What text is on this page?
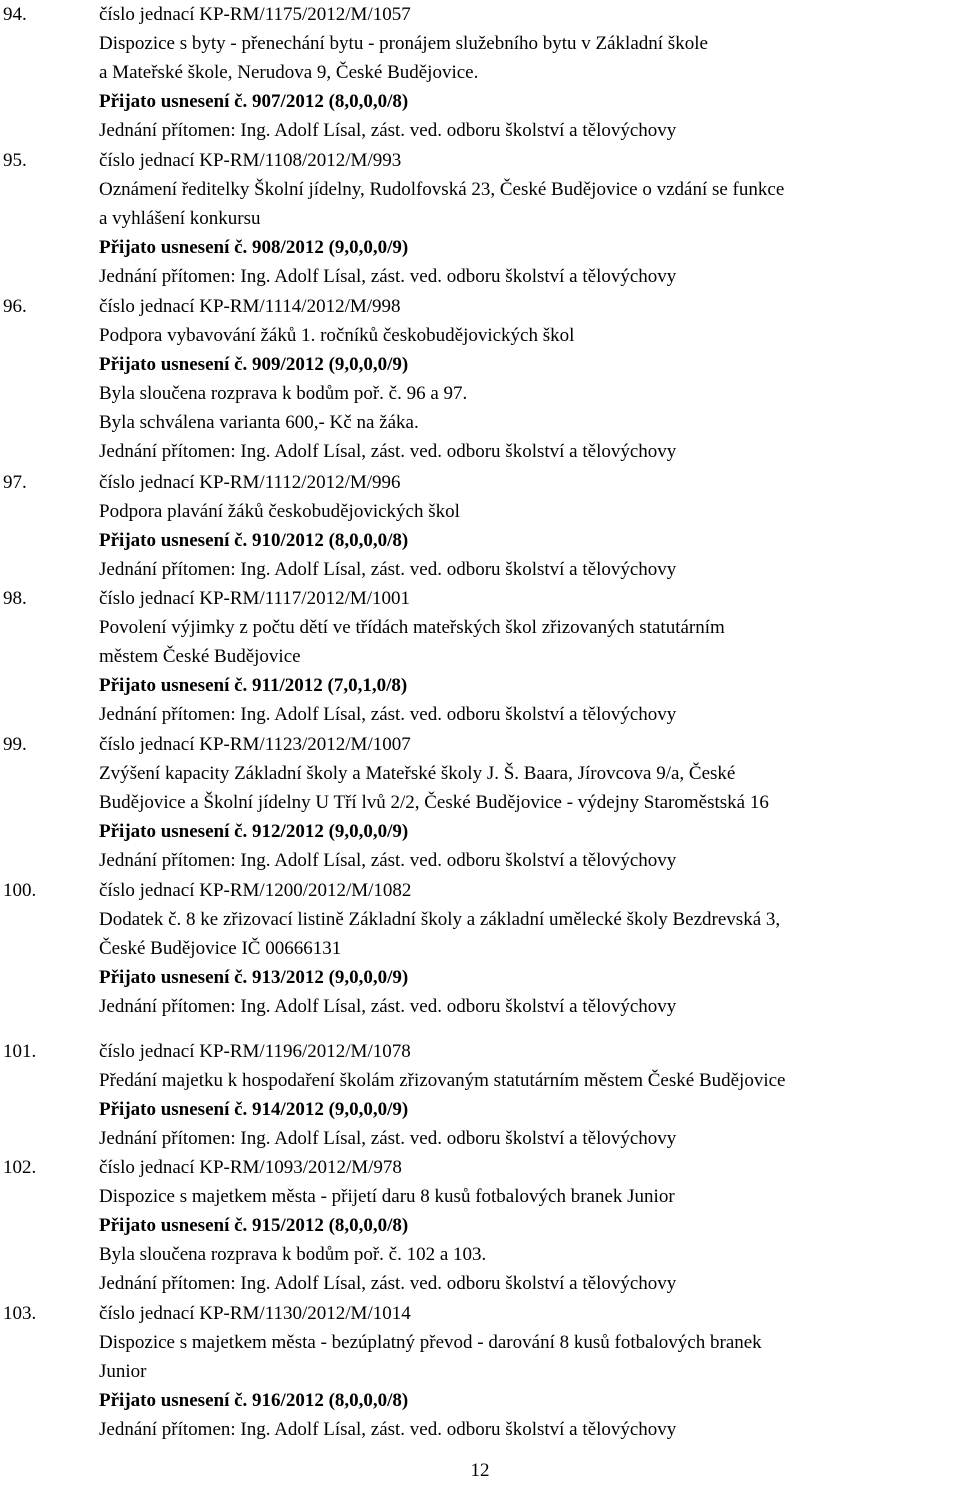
94.	číslo jednací KP-RM/1175/2012/M/1057
Dispozice s byty - přenechání bytu - pronájem služebního bytu v Základní škole
a Mateřské škole, Nerudova 9, České Budějovice.
Přijato usnesení č. 907/2012 (8,0,0,0/8)
Jednání přítomen: Ing. Adolf Lísal, zást. ved. odboru školství a tělovýchovy
95.	číslo jednací KP-RM/1108/2012/M/993
Oznámení ředitelky Školní jídelny, Rudolfovská 23, České Budějovice o vzdání se funkce
a vyhlášení konkursu
Přijato usnesení č. 908/2012 (9,0,0,0/9)
Jednání přítomen: Ing. Adolf Lísal, zást. ved. odboru školství a tělovýchovy
96.	číslo jednací KP-RM/1114/2012/M/998
Podpora vybavování žáků 1. ročníků českobudějovických škol
Přijato usnesení č. 909/2012 (9,0,0,0/9)
Byla sloučena rozprava k bodům poř. č. 96 a 97.
Byla schválena varianta 600,- Kč na žáka.
Jednání přítomen: Ing. Adolf Lísal, zást. ved. odboru školství a tělovýchovy
97.	číslo jednací KP-RM/1112/2012/M/996
Podpora plavání žáků českobudějovických škol
Přijato usnesení č. 910/2012 (8,0,0,0/8)
Jednání přítomen: Ing. Adolf Lísal, zást. ved. odboru školství a tělovýchovy
98.	číslo jednací KP-RM/1117/2012/M/1001
Povolení výjimky z počtu dětí ve třídách mateřských škol zřizovaných statutárním
městem České Budějovice
Přijato usnesení č. 911/2012 (7,0,1,0/8)
Jednání přítomen: Ing. Adolf Lísal, zást. ved. odboru školství a tělovýchovy
99.	číslo jednací KP-RM/1123/2012/M/1007
Zvýšení kapacity Základní školy a Mateřské školy J. Š. Baara, Jírovcova 9/a, České
Budějovice a Školní jídelny U Tří lvů 2/2, České Budějovice - výdejny Staroměstská 16
Přijato usnesení č. 912/2012 (9,0,0,0/9)
Jednání přítomen: Ing. Adolf Lísal, zást. ved. odboru školství a tělovýchovy
100.	číslo jednací KP-RM/1200/2012/M/1082
Dodatek č. 8 ke zřizovací listině Základní školy a základní umělecké školy Bezdrevská 3,
České Budějovice IČ 00666131
Přijato usnesení č. 913/2012 (9,0,0,0/9)
Jednání přítomen: Ing. Adolf Lísal, zást. ved. odboru školství a tělovýchovy
101.	číslo jednací KP-RM/1196/2012/M/1078
Předání majetku k hospodaření školám zřizovaným statutárním městem České Budějovice
Přijato usnesení č. 914/2012 (9,0,0,0/9)
Jednání přítomen: Ing. Adolf Lísal, zást. ved. odboru školství a tělovýchovy
102.	číslo jednací KP-RM/1093/2012/M/978
Dispozice s majetkem města - přijetí daru 8 kusů fotbalových branek Junior
Přijato usnesení č. 915/2012 (8,0,0,0/8)
Byla sloučena rozprava k bodům poř. č. 102 a 103.
Jednání přítomen: Ing. Adolf Lísal, zást. ved. odboru školství a tělovýchovy
103.	číslo jednací KP-RM/1130/2012/M/1014
Dispozice s majetkem města - bezúplatný převod - darování 8 kusů fotbalových branek
Junior
Přijato usnesení č. 916/2012 (8,0,0,0/8)
Jednání přítomen: Ing. Adolf Lísal, zást. ved. odboru školství a tělovýchovy
12
